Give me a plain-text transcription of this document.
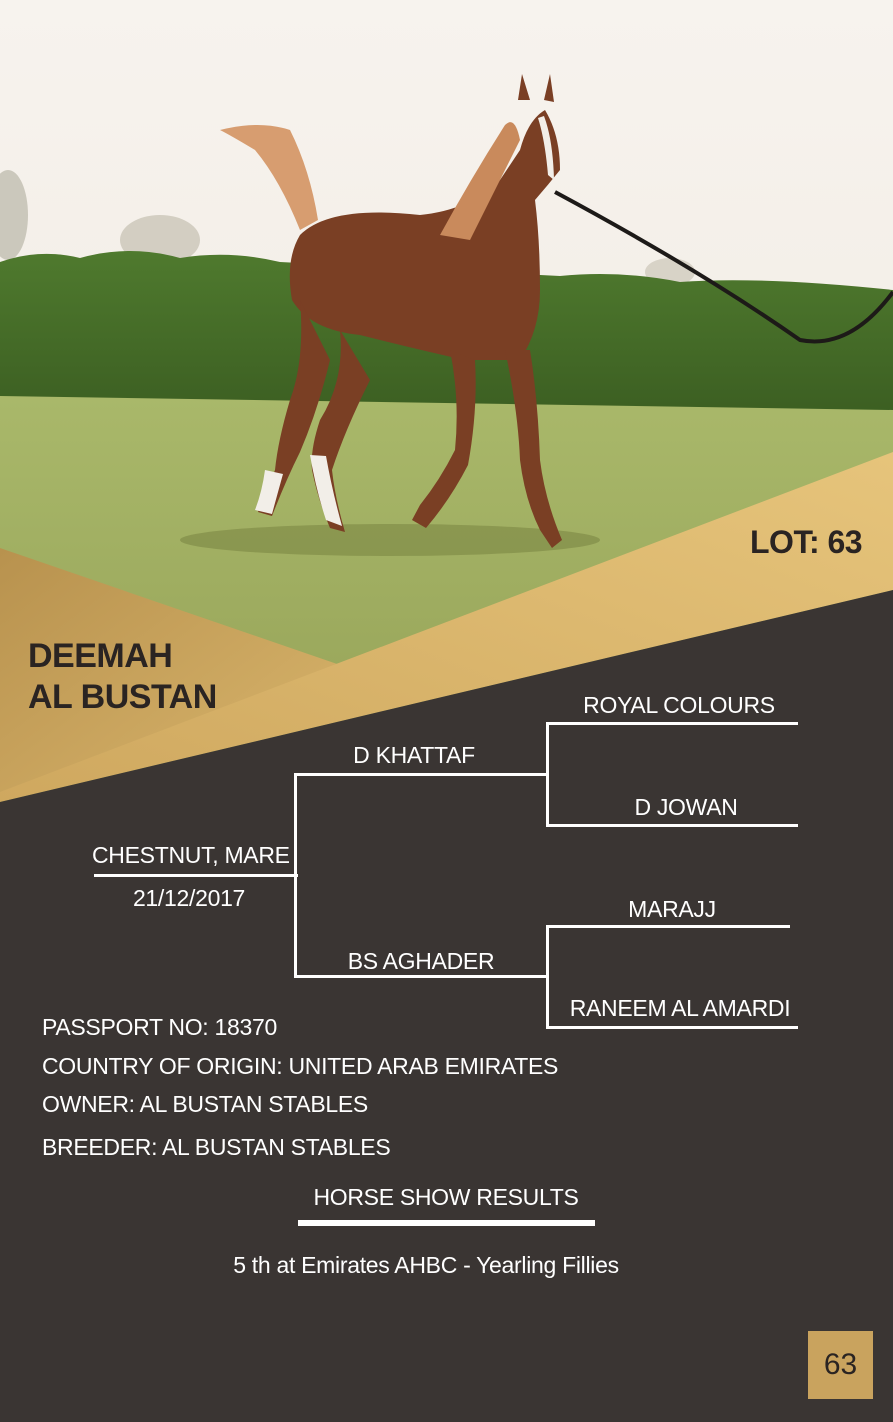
LOT: 63
DEEMAH
AL BUSTAN
CHESTNUT, MARE
21/12/2017
D KHATTAF
BS AGHADER
ROYAL COLOURS
D JOWAN
MARAJJ
RANEEM AL AMARDI
PASSPORT NO: 18370
COUNTRY OF ORIGIN: UNITED ARAB EMIRATES
OWNER: AL BUSTAN STABLES
BREEDER: AL BUSTAN STABLES
HORSE SHOW RESULTS
5 th at Emirates AHBC - Yearling Fillies
63
